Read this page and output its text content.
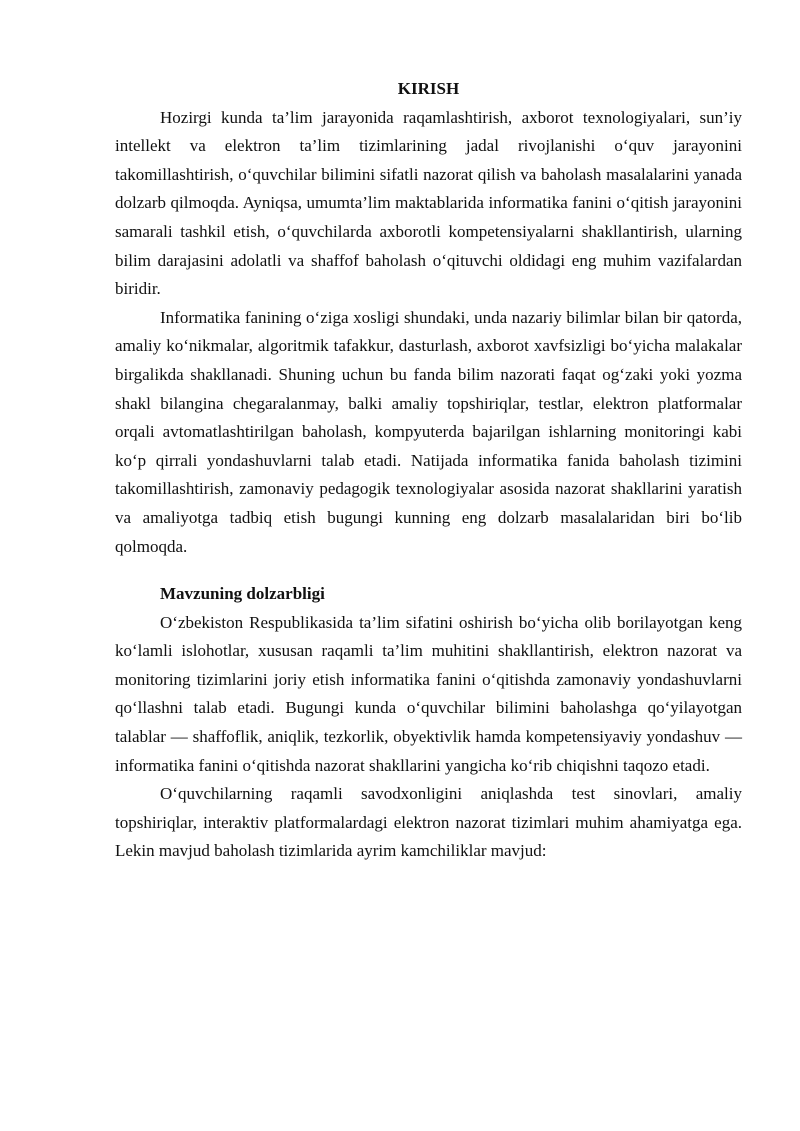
KIRISH

Hozirgi kunda ta’lim jarayonida raqamlashtirish, axborot texnologiyalari, sun’iy intellekt va elektron ta’lim tizimlarining jadal rivojlanishi o‘quv jarayonini takomillashtirish, o‘quvchilar bilimini sifatli nazorat qilish va baholash masalalarini yanada dolzarb qilmoqda. Ayniqsa, umumta’lim maktablarida informatika fanini o‘qitish jarayonini samarali tashkil etish, o‘quvchilarda axborotli kompetensiyalarni shakllantirish, ularning bilim darajasini adolatli va shaffof baholash o‘qituvchi oldidagi eng muhim vazifalardan biridir.

Informatika fanining o‘ziga xosligi shundaki, unda nazariy bilimlar bilan bir qatorda, amaliy ko‘nikmalar, algoritmik tafakkur, dasturlash, axborot xavfsizligi bo‘yicha malakalar birgalikda shakllanadi. Shuning uchun bu fanda bilim nazorati faqat og‘zaki yoki yozma shakl bilangina chegaralanmay, balki amaliy topshiriqlar, testlar, elektron platformalar orqali avtomatlashtirilgan baholash, kompyuterda bajarilgan ishlarning monitoringi kabi ko‘p qirrali yondashuvlarni talab etadi. Natijada informatika fanida baholash tizimini takomillashtirish, zamonaviy pedagogik texnologiyalar asosida nazorat shakllarini yaratish va amaliyotga tadbiq etish bugungi kunning eng dolzarb masalalaridan biri bo‘lib qolmoqda.

Mavzuning dolzarbligi

O‘zbekiston Respublikasida ta’lim sifatini oshirish bo‘yicha olib borilayotgan keng ko‘lamli islohotlar, xususan raqamli ta’lim muhitini shakllantirish, elektron nazorat va monitoring tizimlarini joriy etish informatika fanini o‘qitishda zamonaviy yondashuvlarni qo‘llashni talab etadi. Bugungi kunda o‘quvchilar bilimini baholashga qo‘yilayotgan talablar — shaffoflik, aniqlik, tezkorlik, obyektivlik hamda kompetensiyaviy yondashuv — informatika fanini o‘qitishda nazorat shakllarini yangicha ko‘rib chiqishni taqozo etadi.

O‘quvchilarning raqamli savodxonligini aniqlashda test sinovlari, amaliy topshiriqlar, interaktiv platformalardagi elektron nazorat tizimlari muhim ahamiyatga ega. Lekin mavjud baholash tizimlarida ayrim kamchiliklar mavjud:
